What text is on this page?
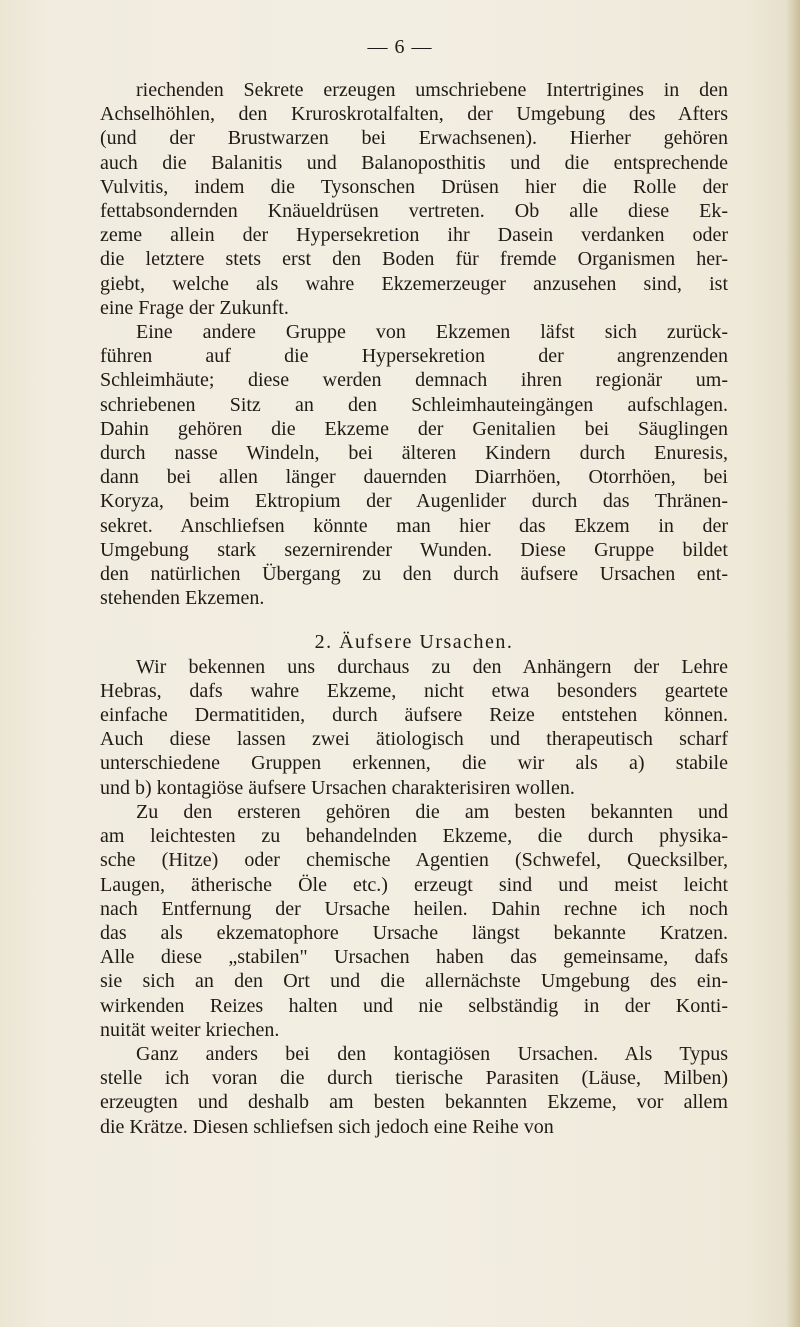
— 6 —
riechenden Sekrete erzeugen umschriebene Intertrigines in den
Achselhöhlen, den Kruroskrotalfalten, der Umgebung des Afters
(und der Brustwarzen bei Erwachsenen). Hierher gehören
auch die Balanitis und Balanoposthitis und die entsprechende
Vulvitis, indem die Tysonschen Drüsen hier die Rolle der
fettabsondernden Knäueldrüsen vertreten. Ob alle diese Ek-
zeme allein der Hypersekretion ihr Dasein verdanken oder
die letztere stets erst den Boden für fremde Organismen her-
giebt, welche als wahre Ekzemerzeuger anzusehen sind, ist
eine Frage der Zukunft.
Eine andere Gruppe von Ekzemen läfst sich zurück-
führen auf die Hypersekretion der angrenzenden
Schleimhäute; diese werden demnach ihren regionär um-
schriebenen Sitz an den Schleimhauteingängen aufschlagen.
Dahin gehören die Ekzeme der Genitalien bei Säuglingen
durch nasse Windeln, bei älteren Kindern durch Enuresis,
dann bei allen länger dauernden Diarrhöen, Otorrhöen, bei
Koryza, beim Ektropium der Augenlider durch das Thränen-
sekret. Anschliefsen könnte man hier das Ekzem in der
Umgebung stark sezernirender Wunden. Diese Gruppe bildet
den natürlichen Übergang zu den durch äufsere Ursachen ent-
stehenden Ekzemen.
2. Äufsere Ursachen.
Wir bekennen uns durchaus zu den Anhängern der Lehre
Hebras, dafs wahre Ekzeme, nicht etwa besonders geartete
einfache Dermatitiden, durch äufsere Reize entstehen können.
Auch diese lassen zwei ätiologisch und therapeutisch scharf
unterschiedene Gruppen erkennen, die wir als a) stabile
und b) kontagiöse äufsere Ursachen charakterisiren wollen.
Zu den ersteren gehören die am besten bekannten und
am leichtesten zu behandelnden Ekzeme, die durch physika-
sche (Hitze) oder chemische Agentien (Schwefel, Quecksilber,
Laugen, ätherische Öle etc.) erzeugt sind und meist leicht
nach Entfernung der Ursache heilen. Dahin rechne ich noch
das als ekzematophore Ursache längst bekannte Kratzen.
Alle diese „stabilen" Ursachen haben das gemeinsame, dafs
sie sich an den Ort und die allernächste Umgebung des ein-
wirkenden Reizes halten und nie selbständig in der Konti-
nuität weiter kriechen.
Ganz anders bei den kontagiösen Ursachen. Als Typus
stelle ich voran die durch tierische Parasiten (Läuse, Milben)
erzeugten und deshalb am besten bekannten Ekzeme, vor allem
die Krätze. Diesen schliefsen sich jedoch eine Reihe von
